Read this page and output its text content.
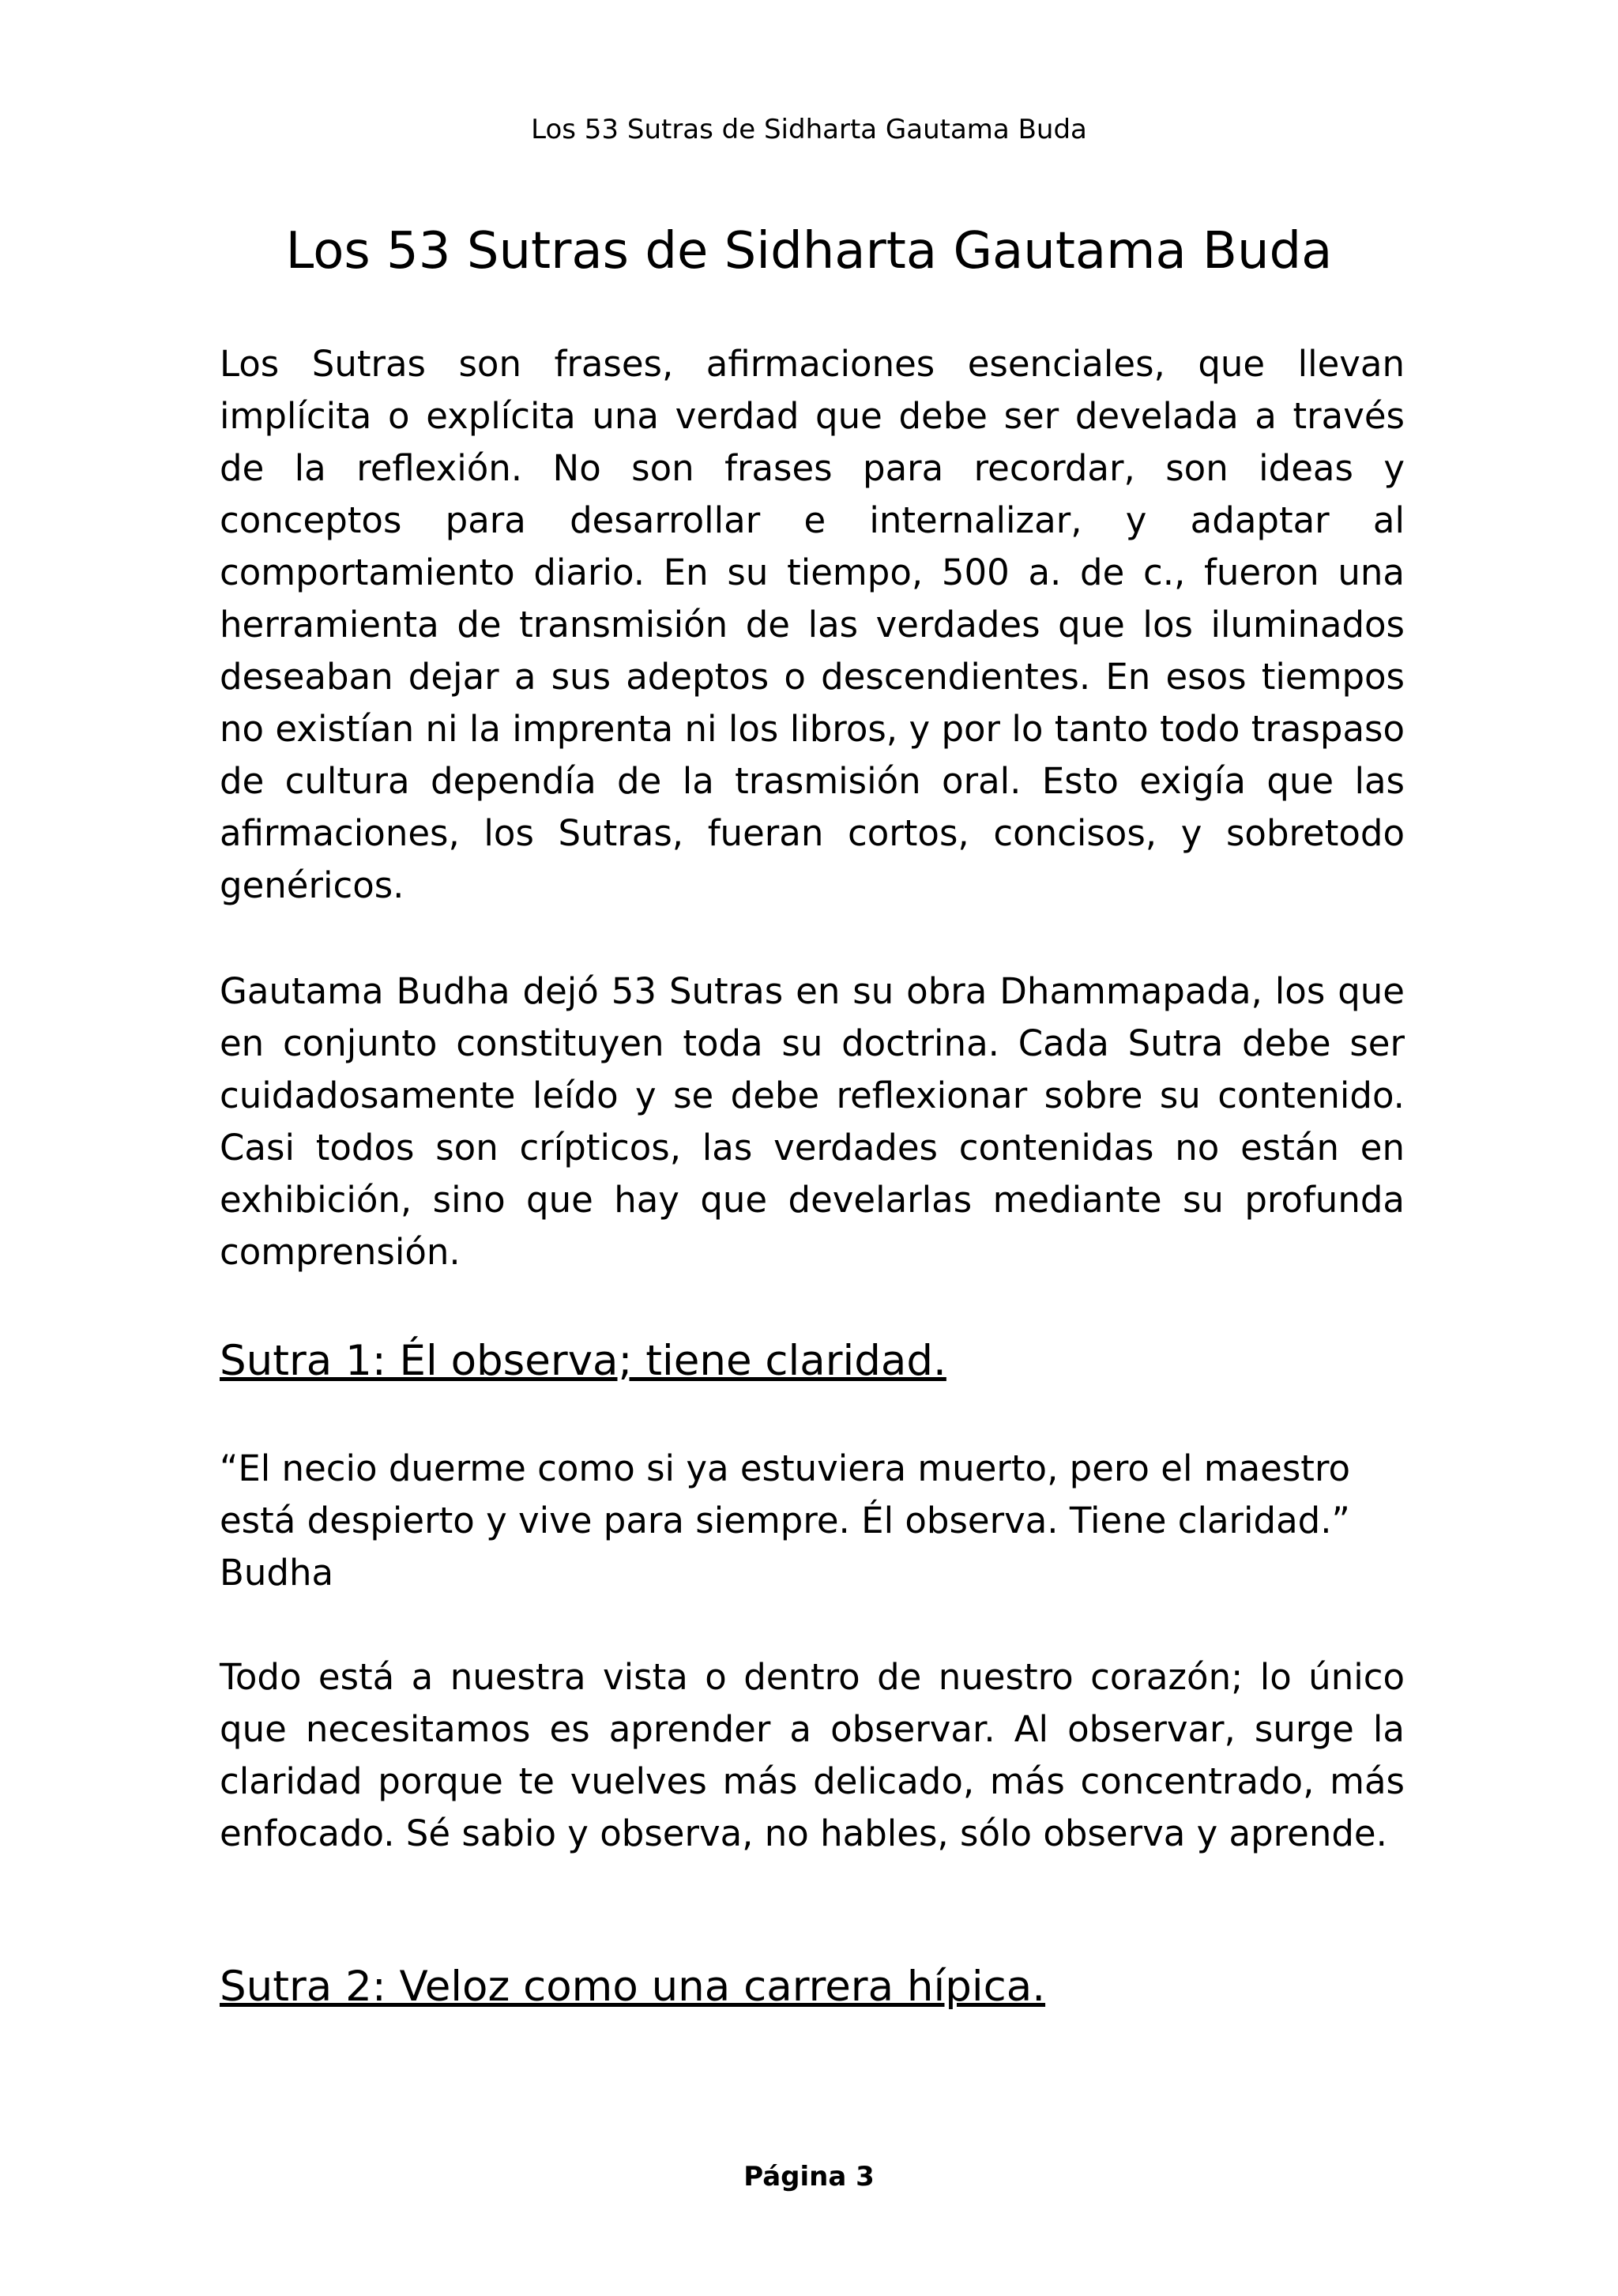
Los 53 Sutras de Sidharta Gautama Buda
Los 53 Sutras de Sidharta Gautama Buda

Los Sutras son frases, afirmaciones esenciales, que llevan implícita o explícita una verdad que debe ser develada a través de la reflexión. No son frases para recordar, son ideas y conceptos para desarrollar e internalizar, y adaptar al comportamiento diario. En su tiempo, 500 a. de c., fueron una herramienta de transmisión de las verdades que los iluminados deseaban dejar a sus adeptos o descendientes. En esos tiempos no existían ni la imprenta ni los libros, y por lo tanto todo traspaso de cultura dependía de la trasmisión oral. Esto exigía que las afirmaciones, los Sutras, fueran cortos, concisos, y sobretodo genéricos.

Gautama Budha dejó 53 Sutras en su obra Dhammapada, los que en conjunto constituyen toda su doctrina. Cada Sutra debe ser cuidadosamente leído y se debe reflexionar sobre su contenido. Casi todos son crípticos, las verdades contenidas no están en exhibición, sino que hay que develarlas mediante su profunda comprensión.

Sutra 1: Él observa; tiene claridad.

“El necio duerme como si ya estuviera muerto, pero el maestro

está despierto y vive para siempre. Él observa. Tiene claridad.”

Budha

Todo está a nuestra vista o dentro de nuestro corazón; lo único que necesitamos es aprender a observar. Al observar, surge la claridad porque te vuelves más delicado, más concentrado, más enfocado. Sé sabio y observa, no hables, sólo observa y aprende.

Sutra 2: Veloz como una carrera hípica.
Página 3
